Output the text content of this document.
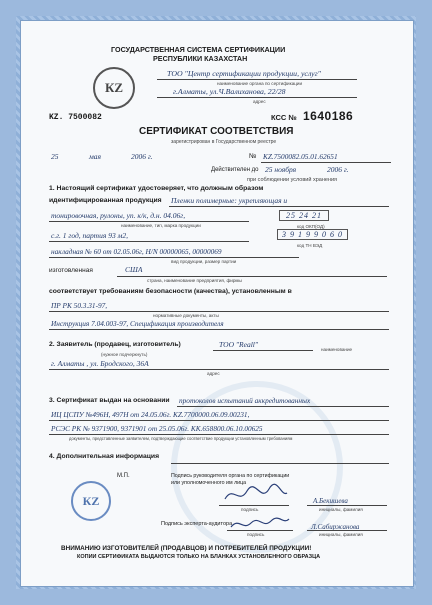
ГОСУДАРСТВЕННАЯ СИСТЕМА СЕРТИФИКАЦИИ
РЕСПУБЛИКИ КАЗАХСТАН
КZ
ТОО "Центр сертификации продукции, услуг"
наименование органа по сертификации
г.Алматы, ул.Ч.Валиханова, 22/28
адрес
KZ. 7500082	КСС № 1640186
СЕРТИФИКАТ СООТВЕТСТВИЯ
зарегистрирован в Государственном реестре
25	мая	2006 г.	№ KZ.7500082.05.01.62651
Действителен до 25 ноября	2006 г.
при соблюдении условий хранения
1. Настоящий сертификат удостоверяет, что должным образом
идентифицированная продукция Пленки полимерные: укрепляющая и
тонировочная, рулоны, уп. к/к, д.н. 04.06г,
наименование, тип, марка продукции
25 24 21
код ОКП(ОД)
с.г. 1 год, партия 93 м2,	3 9 1 9 9 0 6 0
код ТН ВЭД
накладная № 60 от 02.05.06г, Н/N 00000065, 00000069
вид продукции, размер партии
изготовленная	США
страна, наименование предприятия, фирмы
соответствует требованиям безопасности (качества), установленным в
ПР РК 50.3.31-97,
нормативные документы, акты
Инструкция 7.04.003-97, Спецификация производителя
2. Заявитель (продавец, изготовитель)	ТОО "Reall"
наименование
(нужное подчеркнуть)
г. Алматы , ул. Бродского, 36А
адрес
3. Сертификат выдан на основании протоколов испытаний аккредитованных
ИЦ ЦСПУ №496Н, 497Н от 24.05.06г. KZ.7700000.06.09.00231,
РСЭС РК № 9371900, 9371901 от 25.05.06г. КК.658800.06.10.00625
документы, представленные заявителем, подтверждающие соответствие продукции установленным требованиям
4. Дополнительная информация
М.П.	Подпись руководителя органа по сертификации
или уполномоченного им лица
КZ
подпись
А.Бекишева
инициалы, фамилия
Подпись эксперта-аудитора
подпись
Л.Сабиржанова
инициалы, фамилия
ВНИМАНИЮ ИЗГОТОВИТЕЛЕЙ (ПРОДАВЦОВ) И ПОТРЕБИТЕЛЕЙ ПРОДУКЦИИ!
КОПИИ СЕРТИФИКАТА ВЫДАЮТСЯ ТОЛЬКО НА БЛАНКАХ УСТАНОВЛЕННОГО ОБРАЗЦА
